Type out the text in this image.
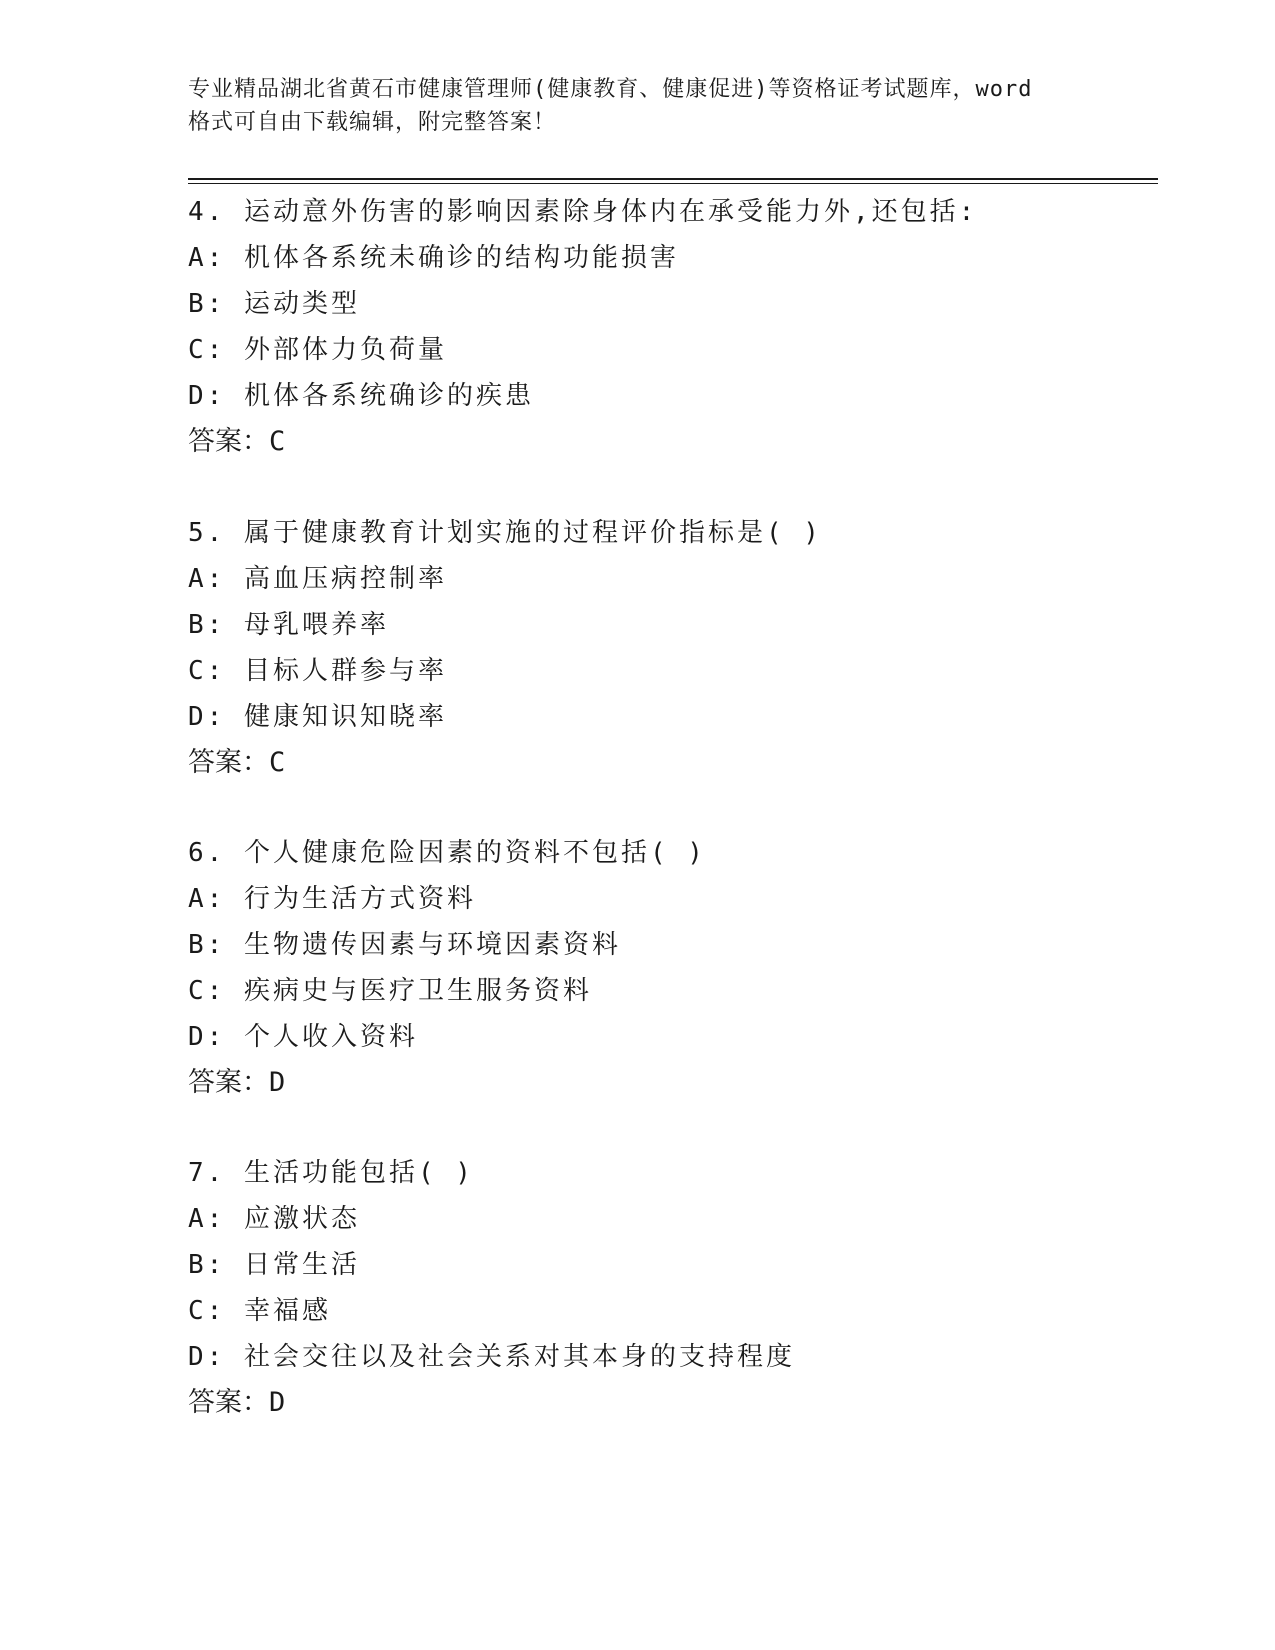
专业精品湖北省黄石市健康管理师(健康教育、健康促进)等资格证考试题库，word
格式可自由下载编辑，附完整答案！
4. 运动意外伤害的影响因素除身体内在承受能力外,还包括:
A: 机体各系统未确诊的结构功能损害
B: 运动类型
C: 外部体力负荷量
D: 机体各系统确诊的疾患
答案：C
5. 属于健康教育计划实施的过程评价指标是( )
A: 高血压病控制率
B: 母乳喂养率
C: 目标人群参与率
D: 健康知识知晓率
答案：C
6. 个人健康危险因素的资料不包括( )
A: 行为生活方式资料
B: 生物遗传因素与环境因素资料
C: 疾病史与医疗卫生服务资料
D: 个人收入资料
答案：D
7. 生活功能包括( )
A: 应激状态
B: 日常生活
C: 幸福感
D: 社会交往以及社会关系对其本身的支持程度
答案：D
